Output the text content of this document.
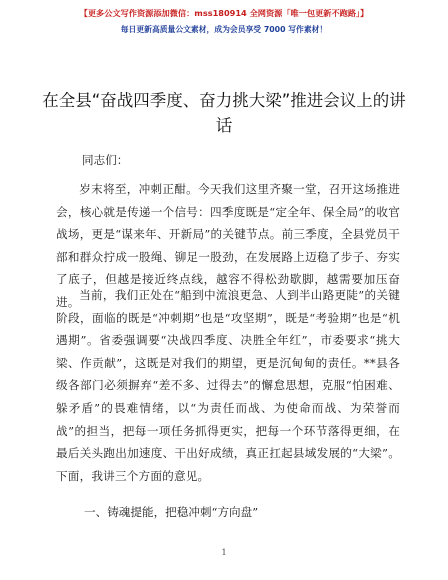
【更多公文写作资源添加微信：mss180914 全网资源「唯一包更新不跑路」】
每日更新高质量公文素材，成为会员享受 7000 写作素材！
在全县“奋战四季度、奋力挑大梁”推进会议上的讲话
同志们：

岁末将至，冲刺正酣。今天我们这里齐聚一堂，召开这场推进会，核心就是传递一个信号：四季度既是“定全年、保全局”的收官战场，更是“谋来年、开新局”的关键节点。前三季度，全县党员干部和群众拧成一股绳、铆足一股劲，在发展路上迈稳了步子、夯实了底子，但越是接近终点线，越容不得松劲歇脚，越需要加压奋进。 当前，我们正处在“船到中流浪更急、人到半山路更陡”的关键阶段，面临的既是“冲刺期”也是“攻坚期”，既是“考验期”也是“机遇期”。省委强调要“决战四季度、决胜全年红”，市委要求“挑大梁、作贡献”，这既是对我们的期望，更是沉甸甸的责任。**县各级各部门必须摒弃“差不多、过得去”的懈怠思想，克服“怕困难、躲矛盾”的畏难情绪，以“为责任而战、为使命而战、为荣誉而战”的担当，把每一项任务抓得更实，把每一个环节落得更细，在最后关头跑出加速度、干出好成绩，真正扛起县域发展的“大梁”。下面，我讲三个方面的意见。

一、铸魂提能，把稳冲刺“方向盘”
1
